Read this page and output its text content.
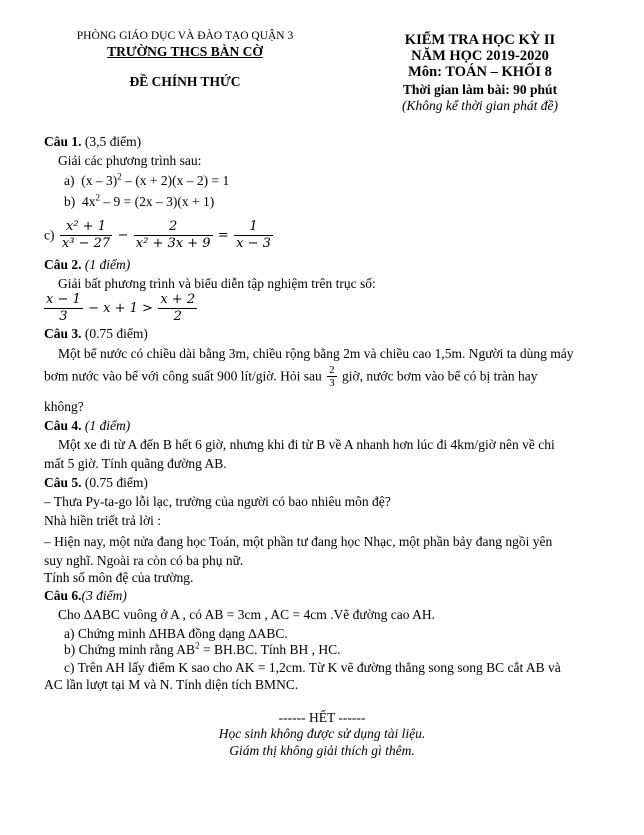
PHÒNG GIÁO DỤC VÀ ĐÀO TẠO QUẬN 3
TRƯỜNG THCS BÀN CỜ
ĐỀ CHÍNH THỨC
KIỂM TRA HỌC KỲ II
NĂM HỌC 2019-2020
Môn: TOÁN – KHỐI 8
Thời gian làm bài: 90 phút
(Không kể thời gian phát đề)
Câu 1. (3,5 điểm)
Giải các phương trình sau:
a) (x – 3)$^2$ – (x + 2)(x – 2) = 1
b) $4x^2 - 9 = (2x - 3)(x + 1)$
$c) \frac{\text{x² + 1}}{\text{x³ − 27}} - \frac{2}{\text{x² + 3x + 9}} = \frac{1}{x - 3}$
Câu 2. (1 điểm)
Giải bất phương trình và biểu diễn tập nghiệm trên trục số:
$\frac{x - 1}{3} - x + 1 > \frac{x + 2}{2}$
Câu 3. (0.75 điểm)
Một bể nước có chiều dài bằng 3m, chiều rộng bằng 2m và chiều cao 1,5m. Người ta dùng máy
bơm nước vào bể với công suất 900 lít/giờ. Hỏi sau $\frac{2}{3}$ giờ, nước bơm vào bể có bị tràn hay
không?
Câu 4. (1 điểm)
Một xe đi từ A đến B hết 6 giờ, nhưng khi đi từ B về A nhanh hơn lúc đi 4km/giờ nên về chi
mất 5 giờ. Tính quãng đường AB.
Câu 5. (0.75 điểm)
– Thưa Py-ta-go lỗi lạc, trường của người có bao nhiêu môn đệ?
Nhà hiền triết trả lời :
– Hiện nay, một nửa đang học Toán, một phần tư đang học Nhạc, một phần bảy đang ngồi yên
suy nghĩ. Ngoài ra còn có ba phụ nữ.
Tính số môn đệ của trường.
Câu 6.(3 điểm)
Cho ∆ABC vuông ở A , có AB = 3cm , AC = 4cm .Vẽ đường cao AH.
a) Chứng minh ∆HBA đồng dạng ∆ABC.
b) Chứng minh rằng $AB^2 = BH.BC$. Tính BH , HC.
c) Trên AH lấy điểm K sao cho AK = 1,2cm. Từ K vẽ đường thẳng song song BC cắt AB và
AC lần lượt tại M và N. Tính diện tích BMNC.
------ HẾT ------
Học sinh không được sử dụng tài liệu.
Giám thị không giải thích gì thêm.
